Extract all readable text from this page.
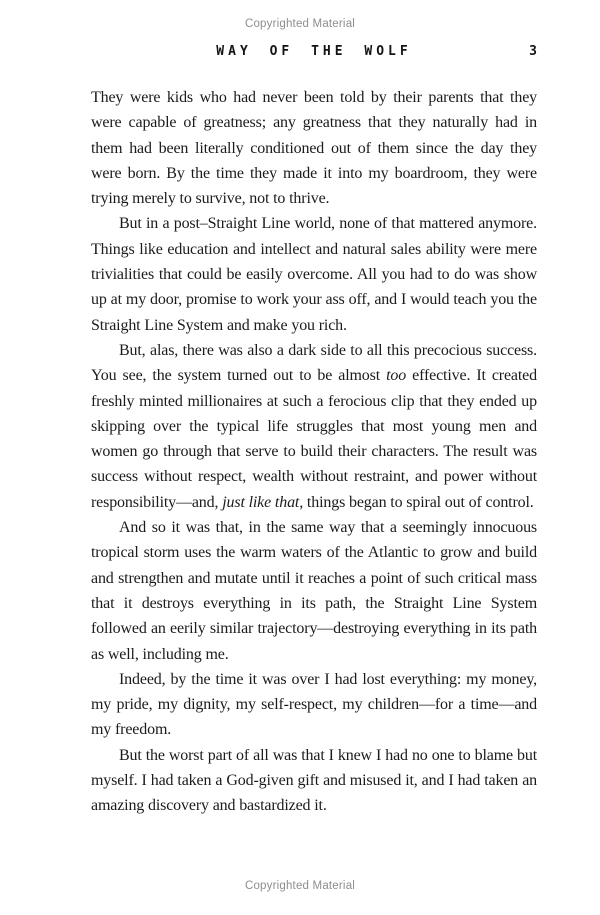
Copyrighted Material
WAY OF THE WOLF	3

They were kids who had never been told by their parents that they were capable of greatness; any greatness that they naturally had in them had been literally conditioned out of them since the day they were born. By the time they made it into my boardroom, they were trying merely to survive, not to thrive.

But in a post–Straight Line world, none of that mattered anymore. Things like education and intellect and natural sales ability were mere trivialities that could be easily overcome. All you had to do was show up at my door, promise to work your ass off, and I would teach you the Straight Line System and make you rich.

But, alas, there was also a dark side to all this precocious success. You see, the system turned out to be almost too effective. It created freshly minted millionaires at such a ferocious clip that they ended up skipping over the typical life struggles that most young men and women go through that serve to build their characters. The result was success without respect, wealth without restraint, and power without responsibility—and, just like that, things began to spiral out of control.

And so it was that, in the same way that a seemingly innocuous tropical storm uses the warm waters of the Atlantic to grow and build and strengthen and mutate until it reaches a point of such critical mass that it destroys everything in its path, the Straight Line System followed an eerily similar trajectory—destroying everything in its path as well, including me.

Indeed, by the time it was over I had lost everything: my money, my pride, my dignity, my self-respect, my children—for a time—and my freedom.

But the worst part of all was that I knew I had no one to blame but myself. I had taken a God-given gift and misused it, and I had taken an amazing discovery and bastardized it.

Copyrighted Material
